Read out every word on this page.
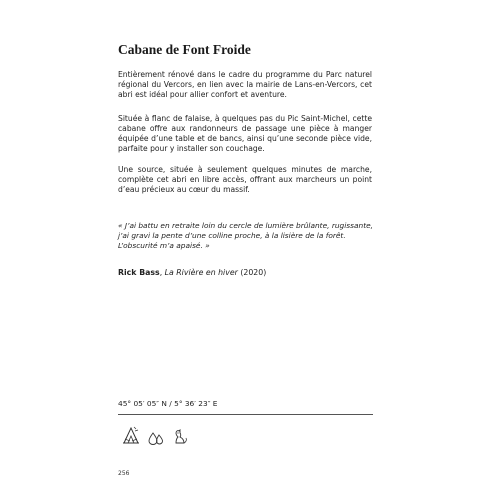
Cabane de Font Froide

Entièrement rénové dans le cadre du programme du Parc naturel régional du Vercors, en lien avec la mairie de Lans-en-Vercors, cet abri est idéal pour allier confort et aventure.

Située à flanc de falaise, à quelques pas du Pic Saint-Michel, cette cabane offre aux randonneurs de passage une pièce à manger équipée d’une table et de bancs, ainsi qu’une seconde pièce vide, parfaite pour y installer son couchage.

Une source, située à seulement quelques minutes de marche, complète cet abri en libre accès, offrant aux marcheurs un point d’eau précieux au cœur du massif.

« J’ai battu en retraite loin du cercle de lumière brûlante, rugissante, j’ai gravi la pente d’une colline proche, à la lisière de la forêt. L’obscurité m’a apaisé. »

Rick Bass, La Rivière en hiver (2020)

45° 05′ 05″ N / 5° 36′ 23″ E

256
